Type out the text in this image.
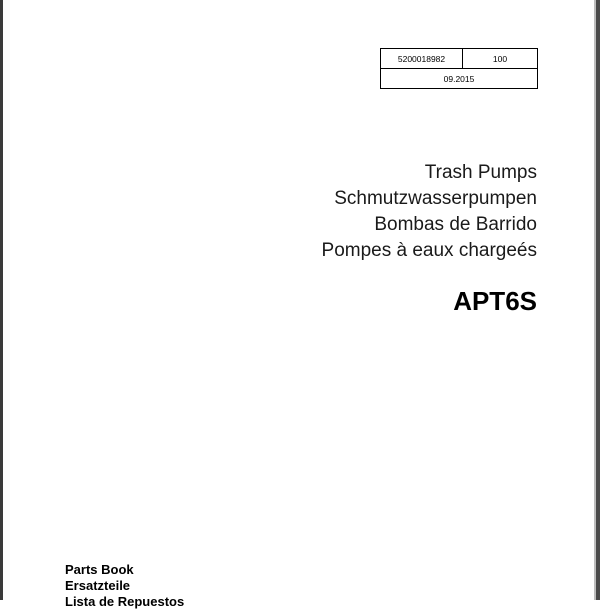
5200018982	100
09.2015
Trash Pumps
Schmutzwasserpumpen
Bombas de Barrido
Pompes à eaux chargeés
APT6S
Parts Book
Ersatzteile
Lista de Repuestos
